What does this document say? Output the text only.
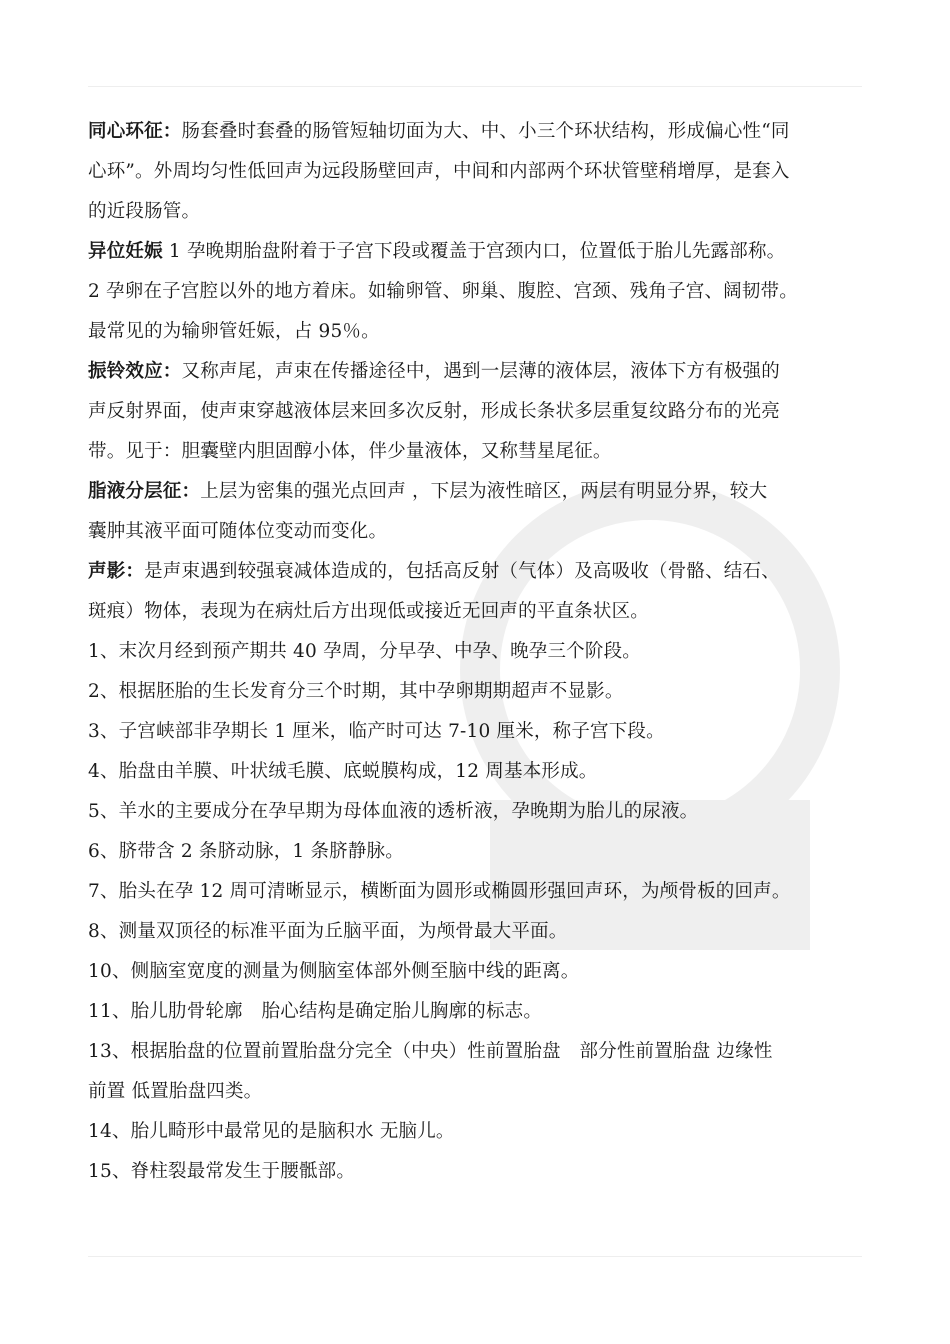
同心环征：肠套叠时套叠的肠管短轴切面为大、中、小三个环状结构，形成偏心性“同
心环”。外周均匀性低回声为远段肠壁回声，中间和内部两个环状管壁稍增厚，是套入
的近段肠管。
异位妊娠 1 孕晚期胎盘附着于子宫下段或覆盖于宫颈内口，位置低于胎儿先露部称。
2 孕卵在子宫腔以外的地方着床。如输卵管、卵巢、腹腔、宫颈、残角子宫、阔韧带。
最常见的为输卵管妊娠，占 95％。
振铃效应：又称声尾，声束在传播途径中，遇到一层薄的液体层，液体下方有极强的
声反射界面，使声束穿越液体层来回多次反射，形成长条状多层重复纹路分布的光亮
带。见于：胆囊壁内胆固醇小体，伴少量液体，又称彗星尾征。
脂液分层征：上层为密集的强光点回声 ，下层为液性暗区，两层有明显分界，较大
囊肿其液平面可随体位变动而变化。
声影：是声束遇到较强衰减体造成的，包括高反射（气体）及高吸收（骨骼、结石、
斑痕）物体，表现为在病灶后方出现低或接近无回声的平直条状区。
1、末次月经到预产期共 40 孕周，分早孕、中孕、晚孕三个阶段。
2、根据胚胎的生长发育分三个时期，其中孕卵期期超声不显影。
3、子宫峡部非孕期长 1 厘米，临产时可达 7-10 厘米，称子宫下段。
4、胎盘由羊膜、叶状绒毛膜、底蜕膜构成，12 周基本形成。
5、羊水的主要成分在孕早期为母体血液的透析液，孕晚期为胎儿的尿液。
6、脐带含 2 条脐动脉，1 条脐静脉。
7、胎头在孕 12 周可清晰显示，横断面为圆形或椭圆形强回声环，为颅骨板的回声。
8、测量双顶径的标准平面为丘脑平面，为颅骨最大平面。
10、侧脑室宽度的测量为侧脑室体部外侧至脑中线的距离。
11、胎儿肋骨轮廓　胎心结构是确定胎儿胸廓的标志。
13、根据胎盘的位置前置胎盘分完全（中央）性前置胎盘　部分性前置胎盘 边缘性
前置 低置胎盘四类。
14、胎儿畸形中最常见的是脑积水 无脑儿。
15、脊柱裂最常发生于腰骶部。
